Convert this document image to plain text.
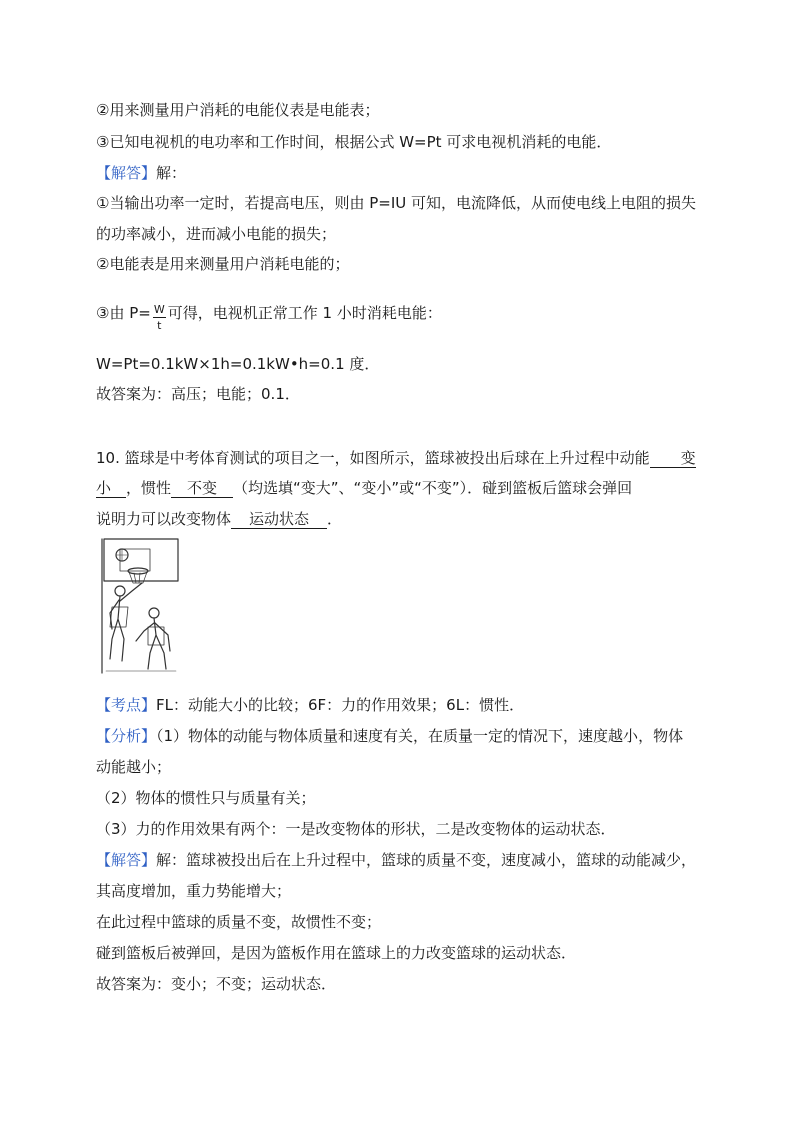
②用来测量用户消耗的电能仪表是电能表；
③已知电视机的电功率和工作时间，根据公式 W=Pt 可求电视机消耗的电能．
【解答】解：
①当输出功率一定时，若提高电压，则由 P=IU 可知，电流降低，从而使电线上电阻的损失
的功率减小，进而减小电能的损失；
②电能表是用来测量用户消耗电能的；
③由 $P= \frac{W}{t}$ 可得，电视机正常工作 1 小时消耗电能：
W=Pt=0.1kW×1h=0.1kW•h=0.1 度．
故答案为：高压；电能；0.1．
10. 篮球是中考体育测试的项目之一，如图所示，篮球被投出后球在上升过程中动能 变
小 ，惯性 不变 （均选填“变大”、“变小”或“不变”）．碰到篮板后篮球会弹回
说明力可以改变物体 运动状态 ．
【考点】FL：动能大小的比较；6F：力的作用效果；6L：惯性．
【分析】（1）物体的动能与物体质量和速度有关，在质量一定的情况下，速度越小，物体
动能越小；
（2）物体的惯性只与质量有关；
（3）力的作用效果有两个：一是改变物体的形状，二是改变物体的运动状态．
【解答】解：篮球被投出后在上升过程中，篮球的质量不变，速度减小，篮球的动能减少，
其高度增加，重力势能增大；
在此过程中篮球的质量不变，故惯性不变；
碰到篮板后被弹回，是因为篮板作用在篮球上的力改变篮球的运动状态．
故答案为：变小；不变；运动状态．
